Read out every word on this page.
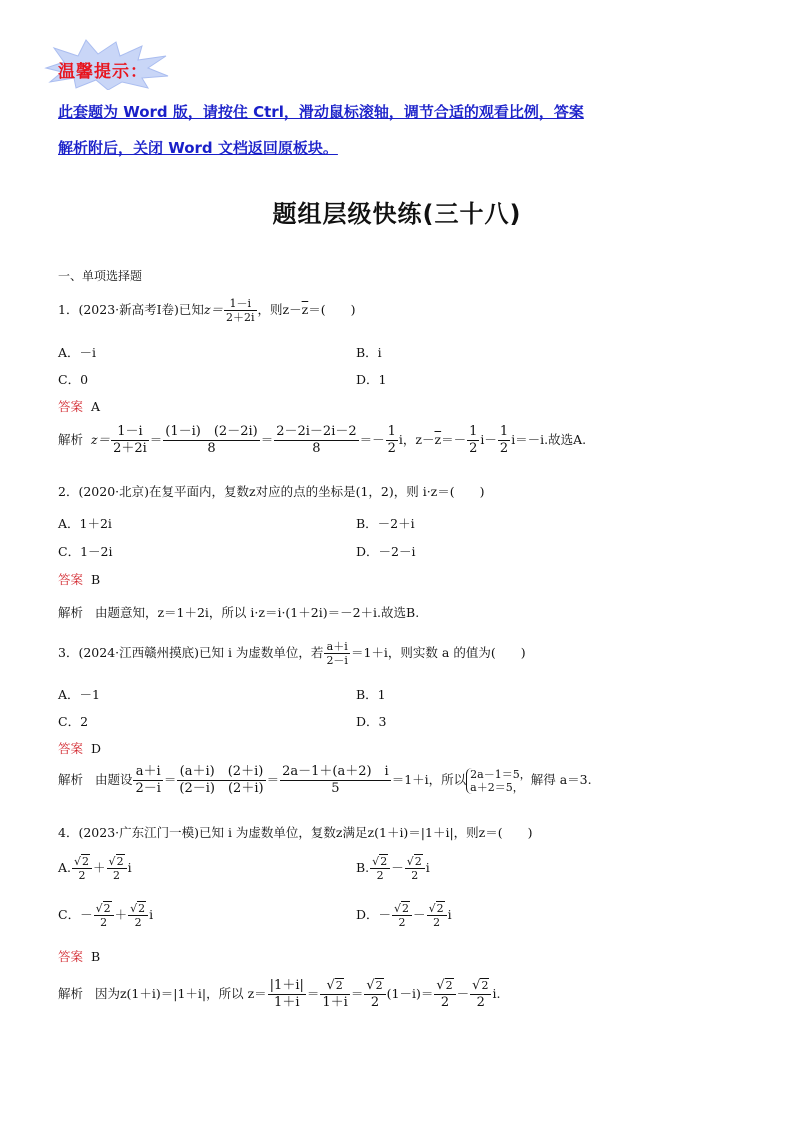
温馨提示：
此套题为 Word 版，请按住 Ctrl，滑动鼠标滚轴，调节合适的观看比例，答案
解析附后，关闭 Word 文档返回原板块。
题组层级快练(三十八)
一、单项选择题
1．(2023·新高考Ⅰ卷)已知$z= \frac{1-i}{2+2i}$ ，则$z-\overline{z}=$(　　)
A．－i	B．i
C．0	D．1
答案 A
解析 $z= \frac{1-i}{2+2i} = \frac{(1-i) (2-2i)}{8} = \frac{2-2i-2i-2}{8} =- \frac{1}{2}$ i，$z-\overline{z}=- \frac{1}{2} i- \frac{1}{2} i=-i$.故选A.
2．(2020·北京)在复平面内，复数z对应的点的坐标是(1，2)，则 i·z＝(　　)
A．1＋2i	B．－2＋i
C．1－2i	D．－2－i
答案 B
解析 由题意知，z＝1＋2i，所以 i·z＝i·(1＋2i)＝－2＋i.故选B.
3．(2024·江西赣州摸底)已知 i 为虚数单位，若 $\frac{a+i}{2-i} =1+i$，则实数 a 的值为(　　)
A．－1	B．1
C．2	D．3
答案 D
解析 由题设 $\frac{a+i}{2-i} = \frac{(a+i) (2+i)}{(2-i) (2+i)} = \frac{2a-1+(a+2) i}{5} =1+i$，所以 2a－1＝5，
a＋2＝5， 解得 a＝3.
4．(2023·广东江门一模)已知 i 为虚数单位，复数z满足z(1＋i)＝|1＋i|，则z＝(　　)
A. $\frac{√2}{2} + \frac{√2}{2}$ i	B. $\frac{√2}{2} - \frac{√2}{2}$ i
C．－ $\frac{√2}{2} + \frac{√2}{2}$ i	D．－ $\frac{√2}{2} - \frac{√2}{2}$ i
答案 B
解析 因为z(1＋i)＝|1＋i|，所以 $z= \frac{|1+i|}{1+i} = \frac{√2}{1+i} = \frac{√2}{2} (1-i)= \frac{√2}{2} - \frac{√2}{2} i$.
